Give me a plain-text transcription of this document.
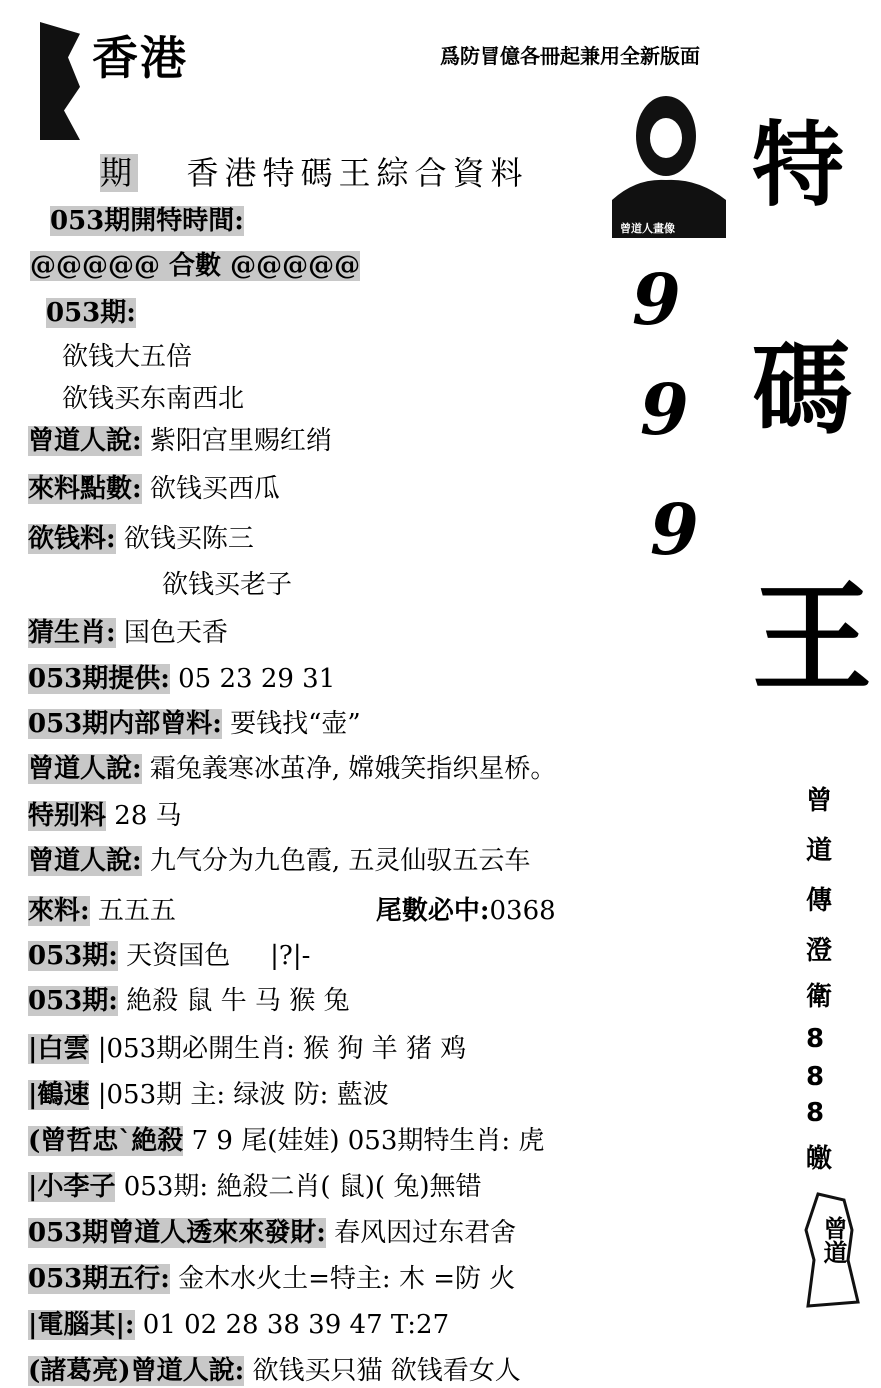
香港	爲防冒億各冊起兼用全新版面
期 香港特碼王綜合資料
053期開特時間:
@@@@@ 合數 @@@@@
053期:
欲钱大五倍
欲钱买东南西北
曾道人說: 紫阳宫里赐红绡
來料點數: 欲钱买西瓜
欲钱料: 欲钱买陈三
欲钱买老子
猜生肖: 国色天香
053期提供: 05 23 29 31
053期内部曾料: 要钱找“壶”
曾道人說: 霜兔義寒冰茧净, 嫦娥笑指织星桥。
特别料 28 马
曾道人說: 九气分为九色霞, 五灵仙驭五云车
來料: 五五五	尾數必中:0368
053期: 天资国色 |?|-
053期: 絶殺 鼠 牛 马 猴 兔
|白雲 |053期必開生肖: 猴 狗 羊 猪 鸡
|鶴速 |053期 主: 绿波 防: 藍波
(曾哲忠`絶殺 7 9 尾(娃娃) 053期特生肖: 虎
|小李子 053期: 絶殺二肖( 鼠)( 兔)無错
053期曾道人透來來發財: 春风因过东君舍
053期五行: 金木水火土=特主: 木 =防 火
|電腦其|: 01 02 28 38 39 47 T:27
(諸葛亮)曾道人說: 欲钱买只猫 欲钱看女人
曾道人畫像
9
9
9
特
碼
王
曾
道
傳
澄
衛
8
8
8
皦
曾道
